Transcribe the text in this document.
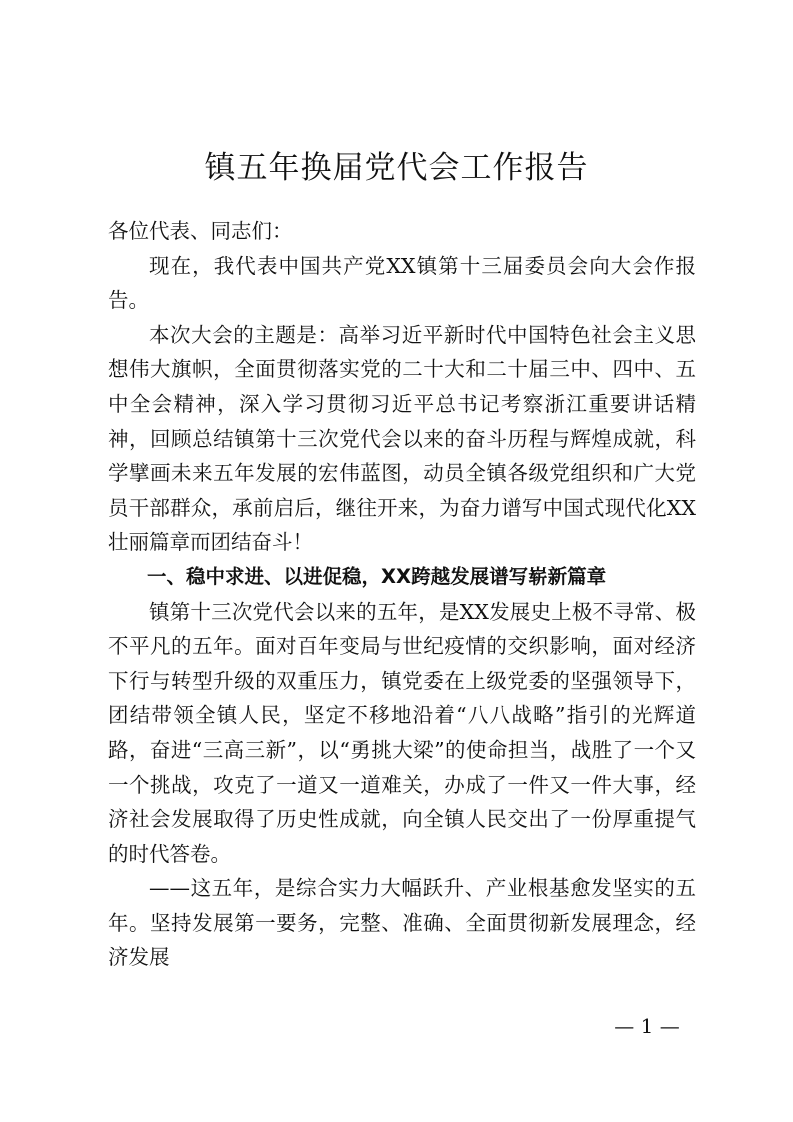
镇五年换届党代会工作报告

各位代表、同志们：

现在，我代表中国共产党XX镇第十三届委员会向大会作报告。

本次大会的主题是：高举习近平新时代中国特色社会主义思想伟大旗帜，全面贯彻落实党的二十大和二十届三中、四中、五中全会精神，深入学习贯彻习近平总书记考察浙江重要讲话精神，回顾总结镇第十三次党代会以来的奋斗历程与辉煌成就，科学擘画未来五年发展的宏伟蓝图，动员全镇各级党组织和广大党员干部群众，承前启后，继往开来，为奋力谱写中国式现代化XX壮丽篇章而团结奋斗！

一、稳中求进、以进促稳，XX跨越发展谱写崭新篇章

镇第十三次党代会以来的五年，是XX发展史上极不寻常、极不平凡的五年。面对百年变局与世纪疫情的交织影响，面对经济下行与转型升级的双重压力，镇党委在上级党委的坚强领导下，团结带领全镇人民，坚定不移地沿着“八八战略”指引的光辉道路，奋进“三高三新”，以“勇挑大梁”的使命担当，战胜了一个又一个挑战，攻克了一道又一道难关，办成了一件又一件大事，经济社会发展取得了历史性成就，向全镇人民交出了一份厚重提气的时代答卷。

——这五年，是综合实力大幅跃升、产业根基愈发坚实的五年。坚持发展第一要务，完整、准确、全面贯彻新发展理念，经济发展

— 1 —
